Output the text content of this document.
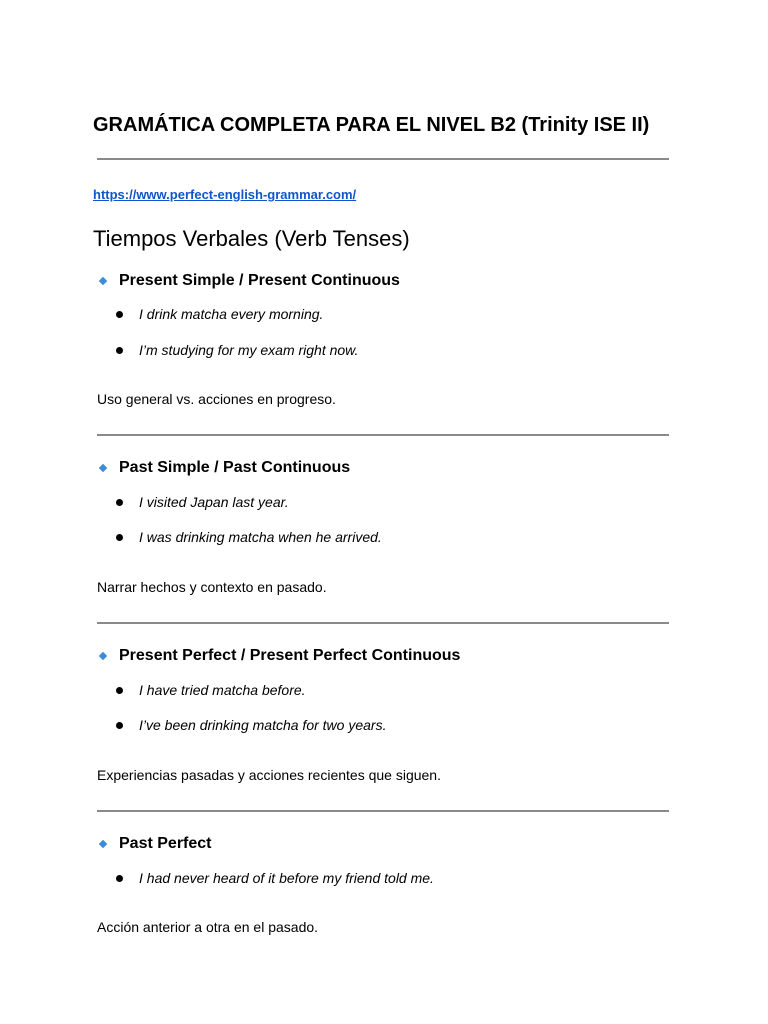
GRAMÁTICA COMPLETA PARA EL NIVEL B2 (Trinity ISE II)
https://www.perfect-english-grammar.com/
Tiempos Verbales (Verb Tenses)
Present Simple / Present Continuous
I drink matcha every morning.
I’m studying for my exam right now.
Uso general vs. acciones en progreso.
Past Simple / Past Continuous
I visited Japan last year.
I was drinking matcha when he arrived.
Narrar hechos y contexto en pasado.
Present Perfect / Present Perfect Continuous
I have tried matcha before.
I’ve been drinking matcha for two years.
Experiencias pasadas y acciones recientes que siguen.
Past Perfect
I had never heard of it before my friend told me.
Acción anterior a otra en el pasado.
